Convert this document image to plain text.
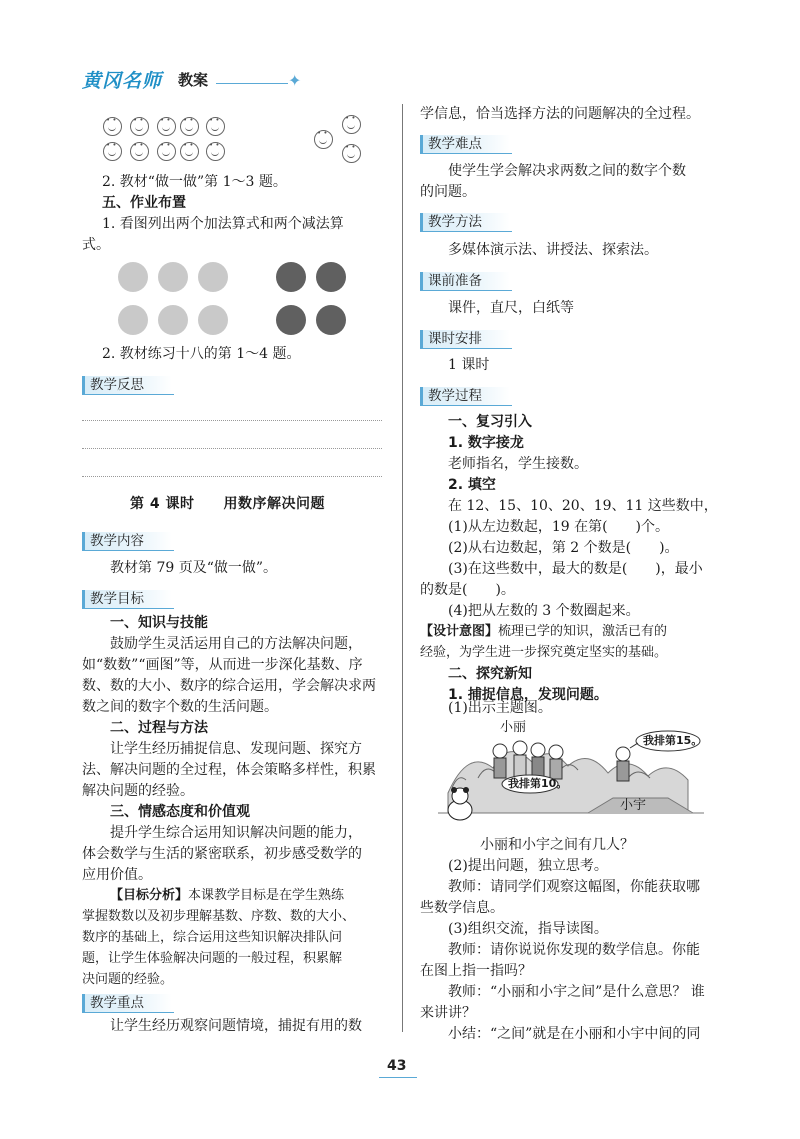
黄冈名师 教案	✦
• •
• •
• •
• •
• •
• •
• •
• •
• •
• •
• •
• •
• •
2. 教材“做一做”第 1～3 题。
五、作业布置
1. 看图列出两个加法算式和两个减法算
式。
2. 教材练习十八的第 1～4 题。
教学反思
第 4 课时　　用数序解决问题
教学内容
教材第 79 页及“做一做”。
教学目标
一、知识与技能
鼓励学生灵活运用自己的方法解决问题，
如“数数”“画图”等，从而进一步深化基数、序
数、数的大小、数序的综合运用，学会解决求两
数之间的数字个数的生活问题。
二、过程与方法
让学生经历捕捉信息、发现问题、探究方
法、解决问题的全过程，体会策略多样性，积累
解决问题的经验。
三、情感态度和价值观
提升学生综合运用知识解决问题的能力，
体会数学与生活的紧密联系，初步感受数学的
应用价值。
【目标分析】本课教学目标是在学生熟练
掌握数数以及初步理解基数、序数、数的大小、
数序的基础上，综合运用这些知识解决排队问
题，让学生体验解决问题的一般过程，积累解
决问题的经验。
教学重点
让学生经历观察问题情境，捕捉有用的数
学信息，恰当选择方法的问题解决的全过程。
教学难点
使学生学会解决求两数之间的数字个数
的问题。
教学方法
多媒体演示法、讲授法、探索法。
课前准备
课件，直尺，白纸等
课时安排
1 课时
教学过程
一、复习引入
1. 数字接龙
老师指名，学生接数。
2. 填空
在 12、15、10、20、19、11 这些数中，
(1)从左边数起，19 在第(　　)个。
(2)从右边数起，第 2 个数是(　　)。
(3)在这些数中，最大的数是(　　)，最小
的数是(　　)。
(4)把从左数的 3 个数圈起来。
【设计意图】梳理已学的知识，激活已有的
经验，为学生进一步探究奠定坚实的基础。
二、探究新知
1. 捕捉信息，发现问题。
(1)出示主题图。
小丽
小宇
我排第10。
我排第15。
小丽和小宇之间有几人？
(2)提出问题，独立思考。
教师：请同学们观察这幅图，你能获取哪
些数学信息。
(3)组织交流，指导读图。
教师：请你说说你发现的数学信息。你能
在图上指一指吗？
教师：“小丽和小宇之间”是什么意思？ 谁
来讲讲？
小结：“之间”就是在小丽和小宇中间的同
43
